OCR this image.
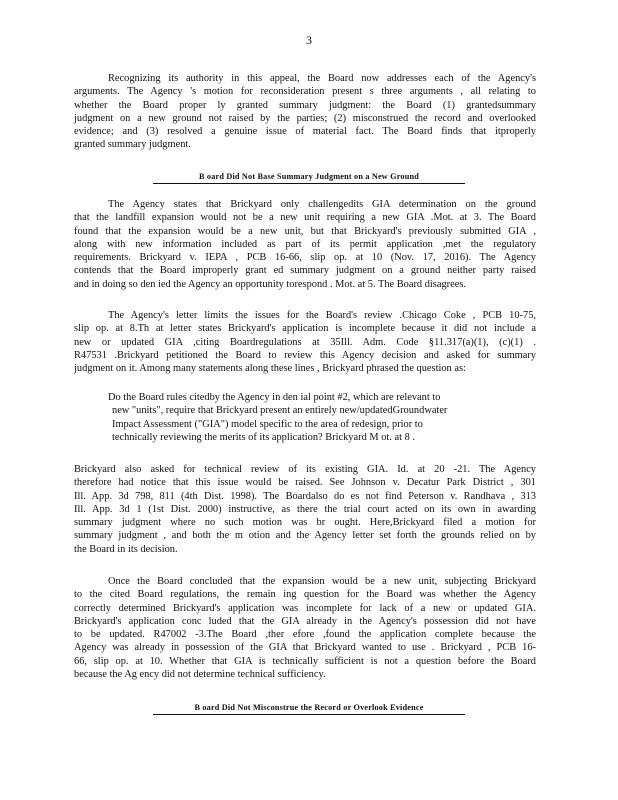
3
Recognizing its authority in this appeal, the Board now addresses each of the Agency's
arguments. The Agency 's motion for reconsideration present s three arguments , all relating to
whether the Board proper ly granted summary judgment: the Board (1) grantedsummary
judgment on a new ground not raised by the parties; (2) misconstrued the record and overlooked
evidence; and (3) resolved a genuine issue of material fact. The Board finds that itproperly
granted summary judgment.
B oard Did Not Base Summary Judgment on a New Ground
The Agency states that Brickyard only challengedits GIA determination on the ground
that the landfill expansion would not be a new unit requiring a new GIA .Mot. at 3. The Board
found that the expansion would be a new unit, but that Brickyard's previously submitted GIA ,
along with new information included as part of its permit application ,met the regulatory
requirements. Brickyard v. IEPA , PCB 16-66, slip op. at 10 (Nov. 17, 2016). The Agency
contends that the Board improperly grant ed summary judgment on a ground neither party raised
and in doing so den ied the Agency an opportunity torespond . Mot. at 5. The Board disagrees.
The Agency's letter limits the issues for the Board's review .Chicago Coke , PCB 10-75,
slip op. at 8.Th at letter states Brickyard's application is incomplete because it did not include a
new or updated GIA ,citing Boardregulations at 35Ill. Adm. Code §11.317(a)(1), (c)(1) .
R47531 .Brickyard petitioned the Board to review this Agency decision and asked for summary
judgment on it. Among many statements along these lines , Brickyard phrased the question as:
Do the Board rules citedby the Agency in den ial point #2, which are relevant to
new "units", require that Brickyard present an entirely new/updatedGroundwater
Impact Assessment ("GIA") model specific to the area of redesign, prior to
technically reviewing the merits of its application? Brickyard M ot. at 8 .
Brickyard also asked for technical review of its existing GIA. Id. at 20 -21. The Agency
therefore had notice that this issue would be raised. See Johnson v. Decatur Park District , 301
Ill. App. 3d 798, 811 (4th Dist. 1998). The Boardalso do es not find Peterson v. Randhava , 313
Ill. App. 3d 1 (1st Dist. 2000) instructive, as there the trial court acted on its own in awarding
summary judgment where no such motion was br ought. Here,Brickyard filed a motion for
summary judgment , and both the m otion and the Agency letter set forth the grounds relied on by
the Board in its decision.
Once the Board concluded that the expansion would be a new unit, subjecting Brickyard
to the cited Board regulations, the remain ing question for the Board was whether the Agency
correctly determined Brickyard's application was incomplete for lack of a new or updated GIA.
Brickyard's application conc luded that the GIA already in the Agency's possession did not have
to be updated. R47002 -3.The Board ,ther efore ,found the application complete because the
Agency was already in possession of the GIA that Brickyard wanted to use . Brickyard , PCB 16-
66, slip op. at 10. Whether that GIA is technically sufficient is not a question before the Board
because the Ag ency did not determine technical sufficiency.
B oard Did Not Misconstrue the Record or Overlook Evidence
